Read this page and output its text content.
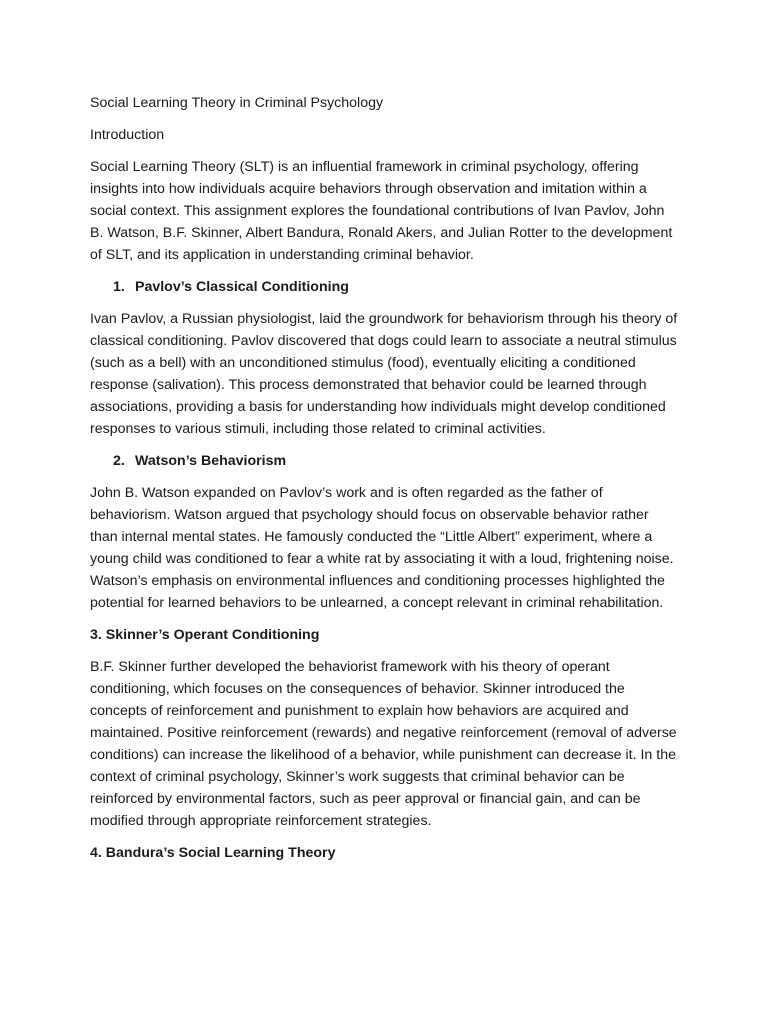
Social Learning Theory in Criminal Psychology
Introduction
Social Learning Theory (SLT) is an influential framework in criminal psychology, offering insights into how individuals acquire behaviors through observation and imitation within a social context. This assignment explores the foundational contributions of Ivan Pavlov, John B. Watson, B.F. Skinner, Albert Bandura, Ronald Akers, and Julian Rotter to the development of SLT, and its application in understanding criminal behavior.
1. Pavlov’s Classical Conditioning
Ivan Pavlov, a Russian physiologist, laid the groundwork for behaviorism through his theory of classical conditioning. Pavlov discovered that dogs could learn to associate a neutral stimulus (such as a bell) with an unconditioned stimulus (food), eventually eliciting a conditioned response (salivation). This process demonstrated that behavior could be learned through associations, providing a basis for understanding how individuals might develop conditioned responses to various stimuli, including those related to criminal activities.
2. Watson’s Behaviorism
John B. Watson expanded on Pavlov’s work and is often regarded as the father of behaviorism. Watson argued that psychology should focus on observable behavior rather than internal mental states. He famously conducted the “Little Albert” experiment, where a young child was conditioned to fear a white rat by associating it with a loud, frightening noise. Watson’s emphasis on environmental influences and conditioning processes highlighted the potential for learned behaviors to be unlearned, a concept relevant in criminal rehabilitation.
3. Skinner’s Operant Conditioning
B.F. Skinner further developed the behaviorist framework with his theory of operant conditioning, which focuses on the consequences of behavior. Skinner introduced the concepts of reinforcement and punishment to explain how behaviors are acquired and maintained. Positive reinforcement (rewards) and negative reinforcement (removal of adverse conditions) can increase the likelihood of a behavior, while punishment can decrease it. In the context of criminal psychology, Skinner’s work suggests that criminal behavior can be reinforced by environmental factors, such as peer approval or financial gain, and can be modified through appropriate reinforcement strategies.
4. Bandura’s Social Learning Theory
